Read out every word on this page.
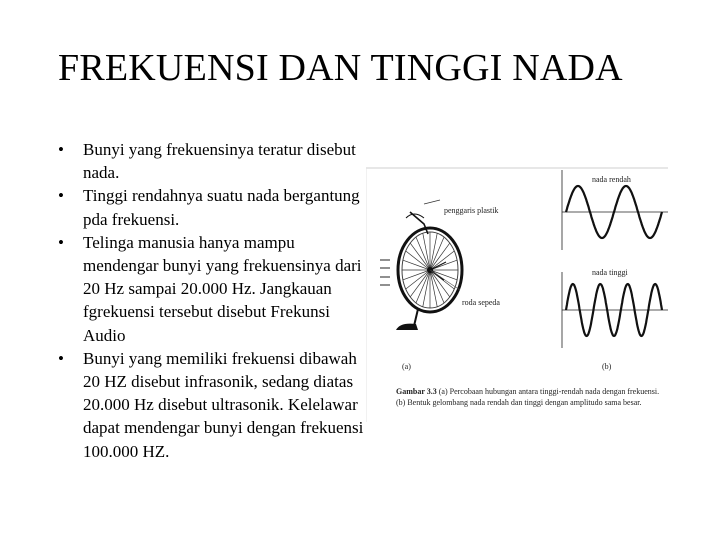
FREKUENSI DAN TINGGI NADA
•	Bunyi yang frekuensinya teratur disebut nada.
•	Tinggi rendahnya suatu nada bergantung pda frekuensi.
•	Telinga manusia hanya mampu mendengar bunyi yang frekuensinya dari 20 Hz sampai 20.000 Hz. Jangkauan fgrekuensi tersebut disebut Frekunsi Audio
•	Bunyi yang memiliki frekuensi dibawah 20 HZ disebut infrasonik, sedang diatas 20.000 Hz disebut ultrasonik. Kelelawar dapat mendengar bunyi dengan frekuensi 100.000 HZ.
nada rendah
nada tinggi
penggaris plastik
roda sepeda
(a)	(b)
Gambar 3.3 (a) Percobaan hubungan antara tinggi-rendah nada dengan frekuensi. (b) Bentuk gelombang nada rendah dan tinggi dengan amplitudo sama besar.
